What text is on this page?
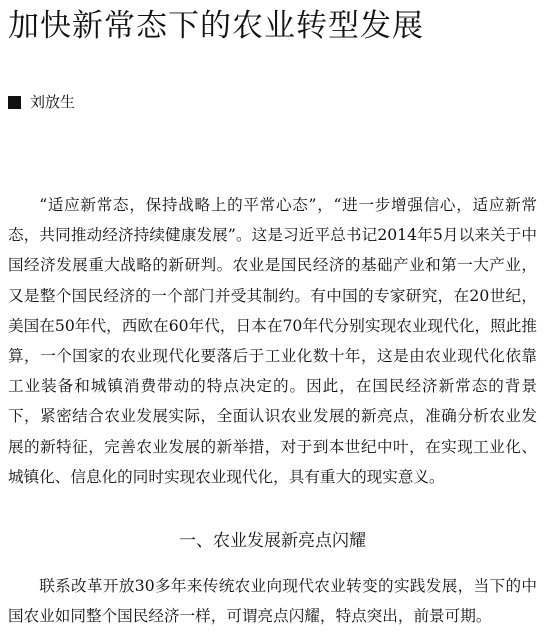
加快新常态下的农业转型发展
刘放生

“适应新常态，保持战略上的平常心态”，“进一步增强信心，适应新常态，共同推动经济持续健康发展”。这是习近平总书记2014年5月以来关于中国经济发展重大战略的新研判。农业是国民经济的基础产业和第一大产业，又是整个国民经济的一个部门并受其制约。有中国的专家研究，在20世纪，美国在50年代，西欧在60年代，日本在70年代分别实现农业现代化，照此推算，一个国家的农业现代化要落后于工业化数十年，这是由农业现代化依靠工业装备和城镇消费带动的特点决定的。因此，在国民经济新常态的背景下，紧密结合农业发展实际，全面认识农业发展的新亮点，准确分析农业发展的新特征，完善农业发展的新举措，对于到本世纪中叶，在实现工业化、城镇化、信息化的同时实现农业现代化，具有重大的现实意义。

一、农业发展新亮点闪耀

联系改革开放30多年来传统农业向现代农业转变的实践发展，当下的中国农业如同整个国民经济一样，可谓亮点闪耀，特点突出，前景可期。
